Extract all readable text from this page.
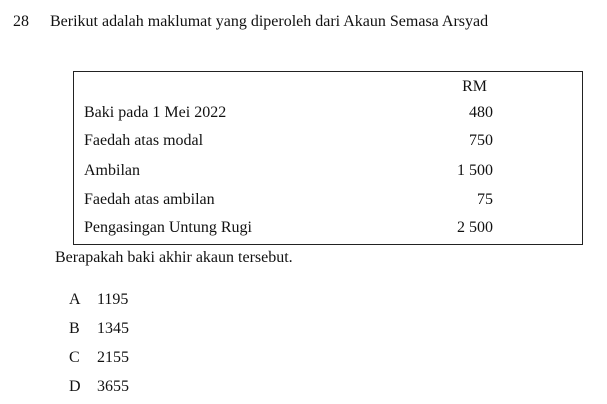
28 Berikut adalah maklumat yang diperoleh dari Akaun Semasa Arsyad
RM
Baki pada 1 Mei 2022	480
Faedah atas modal	750
Ambilan	1 500
Faedah atas ambilan	75
Pengasingan Untung Rugi	2 500
Berapakah baki akhir akaun tersebut.
A 1195
B 1345
C 2155
D 3655
